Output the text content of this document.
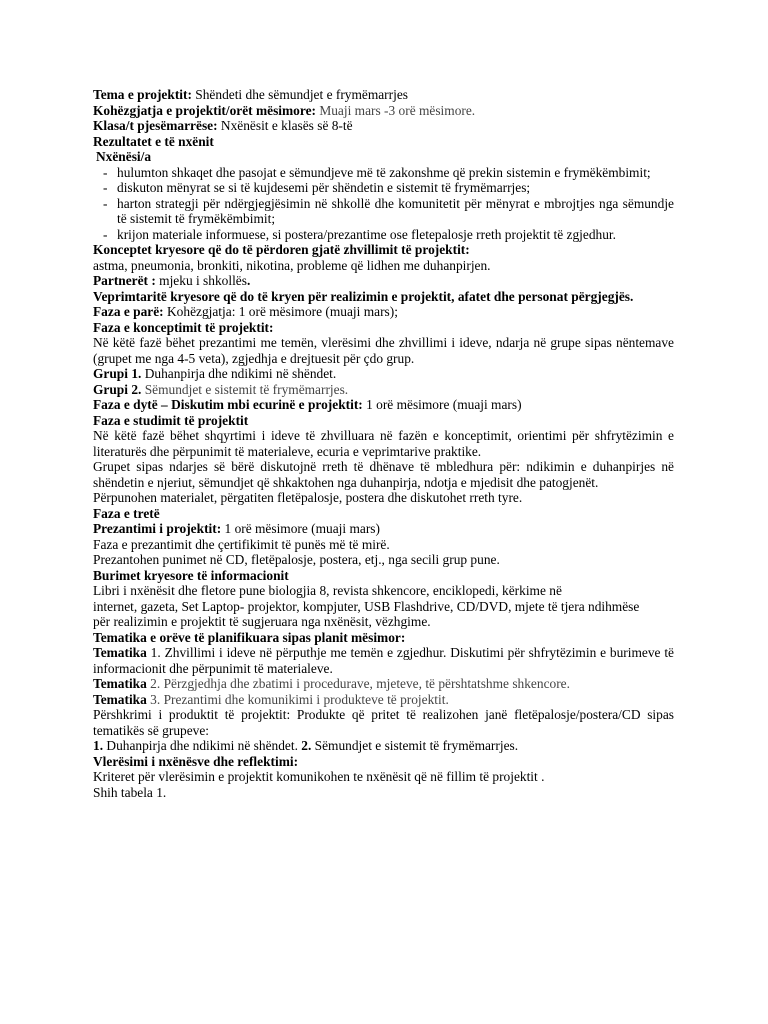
Tema e projektit: Shëndeti dhe sëmundjet e frymëmarrjes

Kohëzgjatja e projektit/orët mësimore: Muaji mars -3 orë mësimore.

Klasa/t pjesëmarrëse: Nxënësit e klasës së 8-të

Rezultatet e të nxënit

Nxënësi/a

- hulumton shkaqet dhe pasojat e sëmundjeve më të zakonshme që prekin sistemin e frymëkëmbimit;
- diskuton mënyrat se si të kujdesemi për shëndetin e sistemit të frymëmarrjes;
- harton strategji për ndërgjegjësimin në shkollë dhe komunitetit për mënyrat e mbrojtjes nga sëmundje të sistemit të frymëkëmbimit;
- krijon materiale informuese, si postera/prezantime ose fletepalosje rreth projektit të zgjedhur.

Konceptet kryesore që do të përdoren gjatë zhvillimit të projektit:

astma, pneumonia, bronkiti, nikotina, probleme që lidhen me duhanpirjen.

Partnerët : mjeku i shkollës.

Veprimtaritë kryesore që do të kryen për realizimin e projektit, afatet dhe personat përgjegjës.

Faza e parë: Kohëzgjatja: 1 orë mësimore (muaji mars);

Faza e konceptimit të projektit:

Në këtë fazë bëhet prezantimi me temën, vlerësimi dhe zhvillimi i ideve, ndarja në grupe sipas nëntemave (grupet me nga 4-5 veta), zgjedhja e drejtuesit për çdo grup.

Grupi 1. Duhanpirja dhe ndikimi në shëndet.

Grupi 2. Sëmundjet e sistemit të frymëmarrjes.

Faza e dytë – Diskutim mbi ecurinë e projektit: 1 orë mësimore (muaji mars)

Faza e studimit të projektit

Në këtë fazë bëhet shqyrtimi i ideve të zhvilluara në fazën e konceptimit, orientimi për shfrytëzimin e literaturës dhe përpunimit të materialeve, ecuria e veprimtarive praktike.

Grupet sipas ndarjes së bërë diskutojnë rreth të dhënave të mbledhura për: ndikimin e duhanpirjes në shëndetin e njeriut, sëmundjet që shkaktohen nga duhanpirja, ndotja e mjedisit dhe patogjenët.

Përpunohen materialet, përgatiten fletëpalosje, postera dhe diskutohet rreth tyre.

Faza e tretë

Prezantimi i projektit: 1 orë mësimore (muaji mars)

Faza e prezantimit dhe çertifikimit të punës më të mirë.

Prezantohen punimet në CD, fletëpalosje, postera, etj., nga secili grup pune.

Burimet kryesore të informacionit

Libri i nxënësit dhe fletore pune biologjia 8, revista shkencore, enciklopedi, kërkime në

internet, gazeta, Set Laptop- projektor, kompjuter, USB Flashdrive, CD/DVD, mjete të tjera ndihmëse

për realizimin e projektit të sugjeruara nga nxënësit, vëzhgime.

Tematika e orëve të planifikuara sipas planit mësimor:

Tematika 1. Zhvillimi i ideve në përputhje me temën e zgjedhur. Diskutimi për shfrytëzimin e burimeve të informacionit dhe përpunimit të materialeve.

Tematika 2. Përzgjedhja dhe zbatimi i procedurave, mjeteve, të përshtatshme shkencore.

Tematika 3. Prezantimi dhe komunikimi i produkteve të projektit.

Përshkrimi i produktit të projektit: Produkte që pritet të realizohen janë fletëpalosje/postera/CD sipas tematikës së grupeve:

1. Duhanpirja dhe ndikimi në shëndet. 2. Sëmundjet e sistemit të frymëmarrjes.

Vlerësimi i nxënësve dhe reflektimi:

Kriteret për vlerësimin e projektit komunikohen te nxënësit që në fillim të projektit .

Shih tabela 1.
